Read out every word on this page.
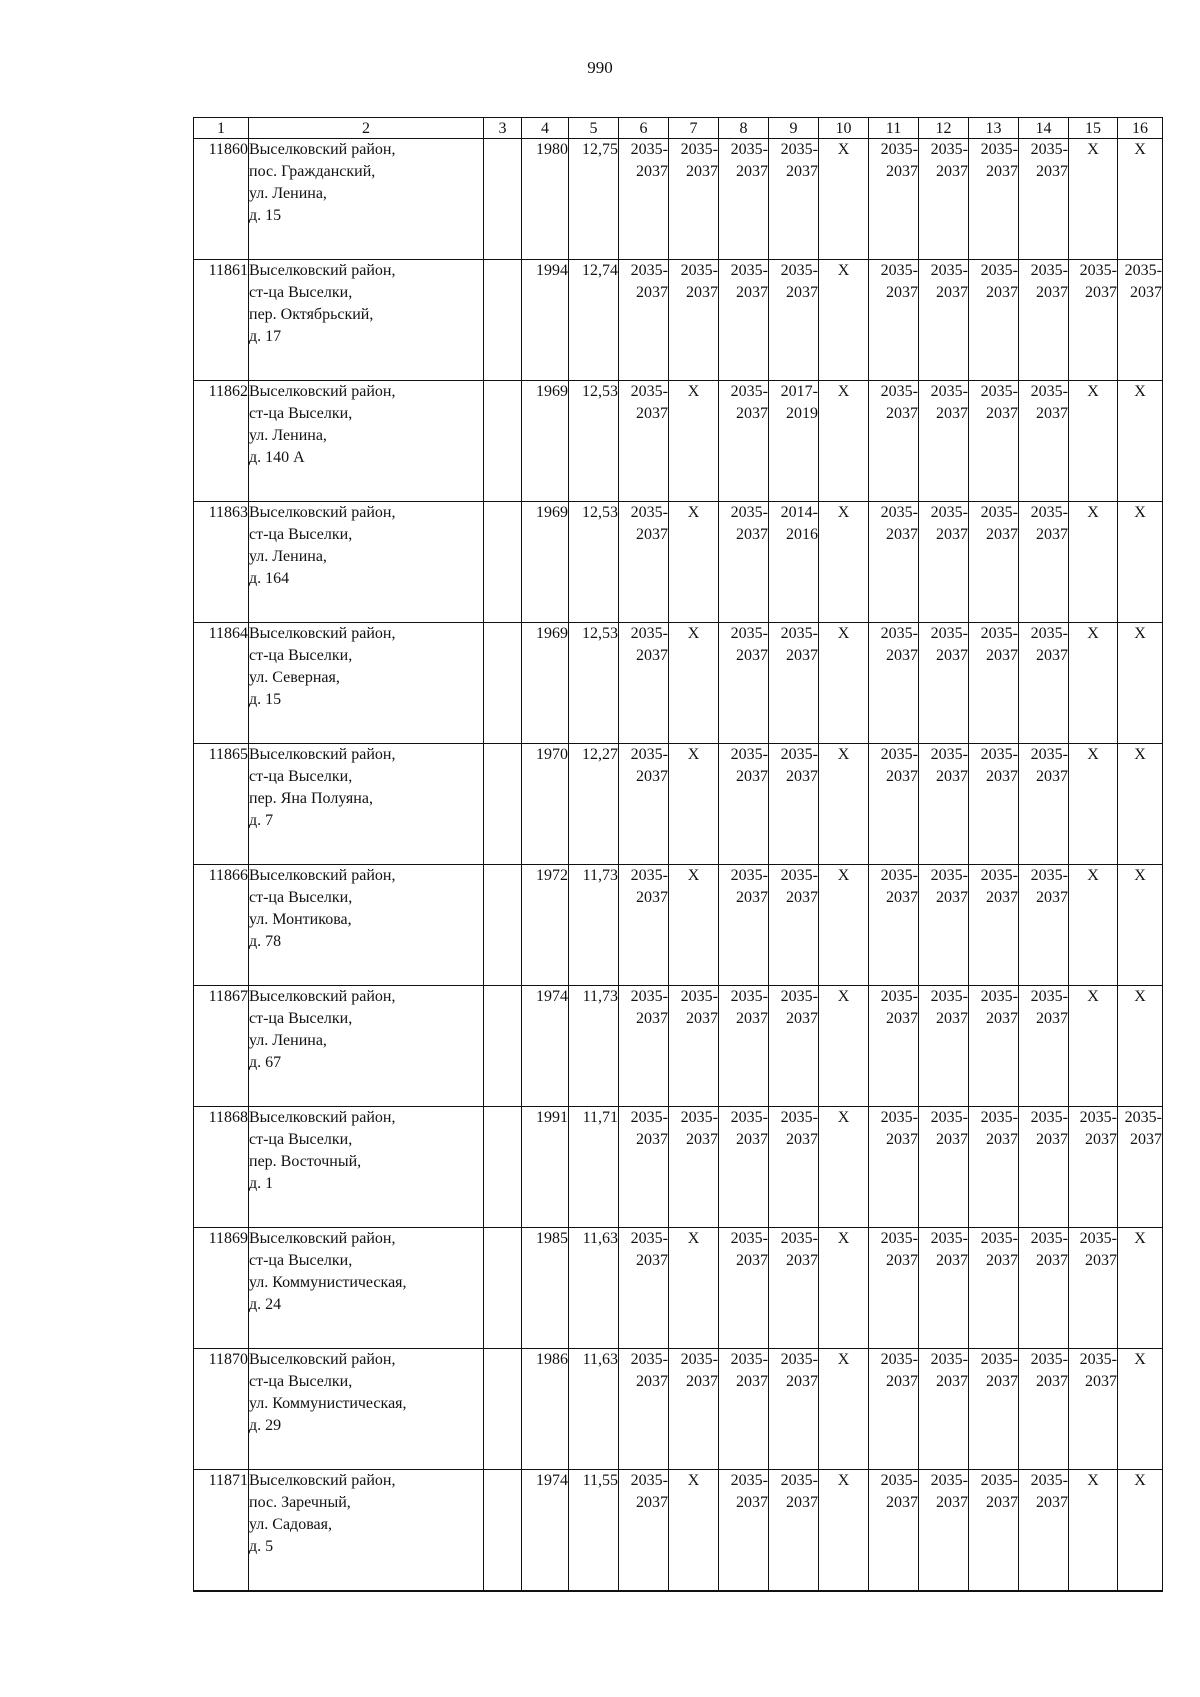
990
1	2	3	4	5	6	7	8	9	10	11	12	13	14	15	16
11860	Выселковский район,
пос. Гражданский,
ул. Ленина,
д. 15		1980	12,75	2035-
2037	2035-
2037	2035-
2037	2035-
2037	X	2035-
2037	2035-
2037	2035-
2037	2035-
2037	X	X
11861	Выселковский район,
ст-ца Выселки,
пер. Октябрьский,
д. 17		1994	12,74	2035-
2037	2035-
2037	2035-
2037	2035-
2037	X	2035-
2037	2035-
2037	2035-
2037	2035-
2037	2035-
2037	2035-
2037

11862	Выселковский район,
ст-ца Выселки,
ул. Ленина,
д. 140 А		1969	12,53	2035-
2037	X	2035-
2037	2017-
2019	X	2035-
2037	2035-
2037	2035-
2037	2035-
2037	X	X
11863	Выселковский район,
ст-ца Выселки,
ул. Ленина,
д. 164		1969	12,53	2035-
2037	X	2035-
2037	2014-
2016	X	2035-
2037	2035-
2037	2035-
2037	2035-
2037	X	X
11864	Выселковский район,
ст-ца Выселки,
ул. Северная,
д. 15		1969	12,53	2035-
2037	X	2035-
2037	2035-
2037	X	2035-
2037	2035-
2037	2035-
2037	2035-
2037	X	X
11865	Выселковский район,
ст-ца Выселки,
пер. Яна Полуяна,
д. 7		1970	12,27	2035-
2037	X	2035-
2037	2035-
2037	X	2035-
2037	2035-
2037	2035-
2037	2035-
2037	X	X
11866	Выселковский район,
ст-ца Выселки,
ул. Монтикова,
д. 78		1972	11,73	2035-
2037	X	2035-
2037	2035-
2037	X	2035-
2037	2035-
2037	2035-
2037	2035-
2037	X	X
11867	Выселковский район,
ст-ца Выселки,
ул. Ленина,
д. 67		1974	11,73	2035-
2037	2035-
2037	2035-
2037	2035-
2037	X	2035-
2037	2035-
2037	2035-
2037	2035-
2037	X	X
11868	Выселковский район,
ст-ца Выселки,
пер. Восточный,
д. 1		1991	11,71	2035-
2037	2035-
2037	2035-
2037	2035-
2037	X	2035-
2037	2035-
2037	2035-
2037	2035-
2037	2035-
2037	2035-
2037

11869	Выселковский район,
ст-ца Выселки,
ул. Коммунистическая,
д. 24		1985	11,63	2035-
2037	X	2035-
2037	2035-
2037	X	2035-
2037	2035-
2037	2035-
2037	2035-
2037	2035-
2037	X
11870	Выселковский район,
ст-ца Выселки,
ул. Коммунистическая,
д. 29		1986	11,63	2035-
2037	2035-
2037	2035-
2037	2035-
2037	X	2035-
2037	2035-
2037	2035-
2037	2035-
2037	2035-
2037	X
11871	Выселковский район,
пос. Заречный,
ул. Садовая,
д. 5		1974	11,55	2035-
2037	X	2035-
2037	2035-
2037	X	2035-
2037	2035-
2037	2035-
2037	2035-
2037	X	X
